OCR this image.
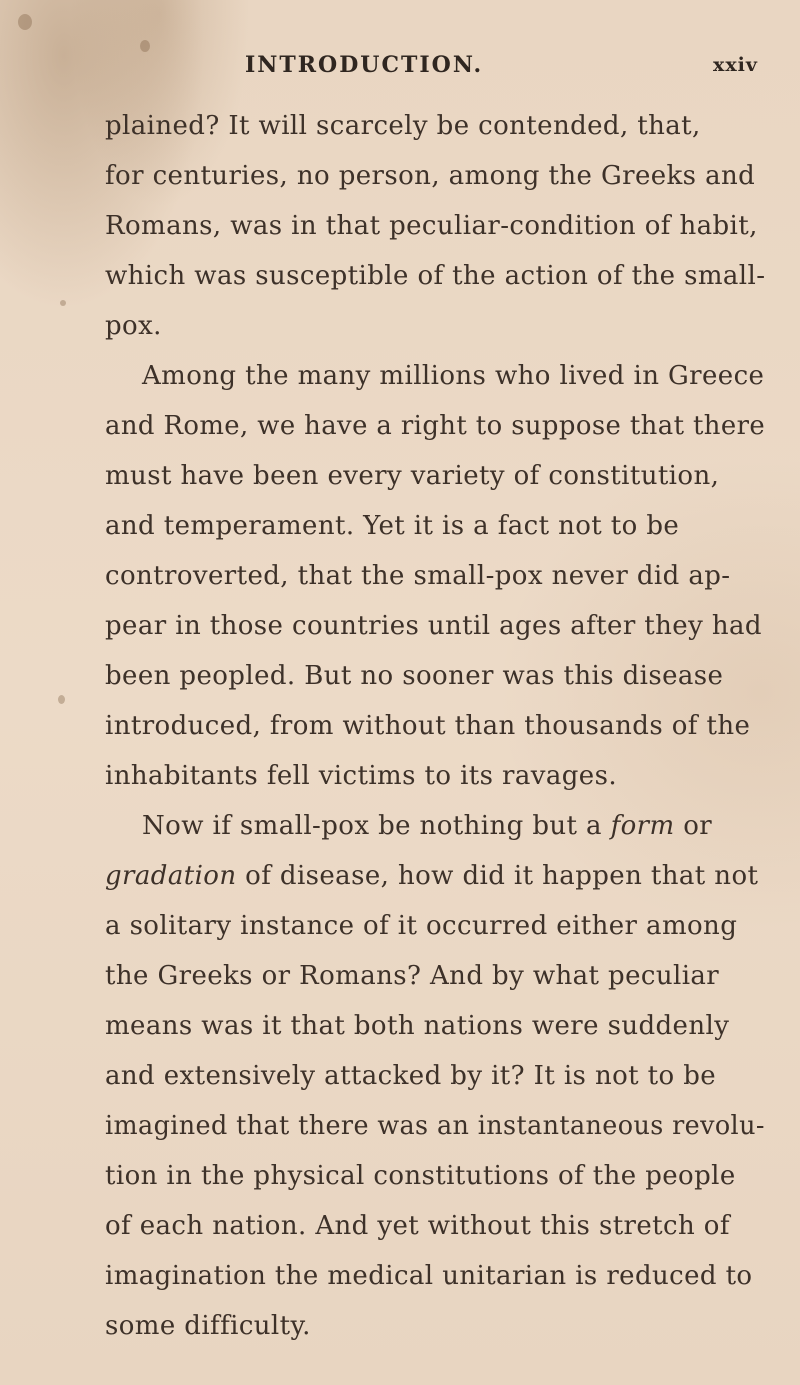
INTRODUCTION.	xxiv
plained? It will scarcely be contended, that,
for centuries, no person, among the Greeks and
Romans, was in that peculiar-condition of habit,
which was susceptible of the action of the small-
pox.
Among the many millions who lived in Greece
and Rome, we have a right to suppose that there
must have been every variety of constitution,
and temperament. Yet it is a fact not to be
controverted, that the small-pox never did ap-
pear in those countries until ages after they had
been peopled. But no sooner was this disease
introduced, from without than thousands of the
inhabitants fell victims to its ravages.
Now if small-pox be nothing but a form or
gradation of disease, how did it happen that not
a solitary instance of it occurred either among
the Greeks or Romans? And by what peculiar
means was it that both nations were suddenly
and extensively attacked by it? It is not to be
imagined that there was an instantaneous revolu-
tion in the physical constitutions of the people
of each nation. And yet without this stretch of
imagination the medical unitarian is reduced to
some difficulty.
